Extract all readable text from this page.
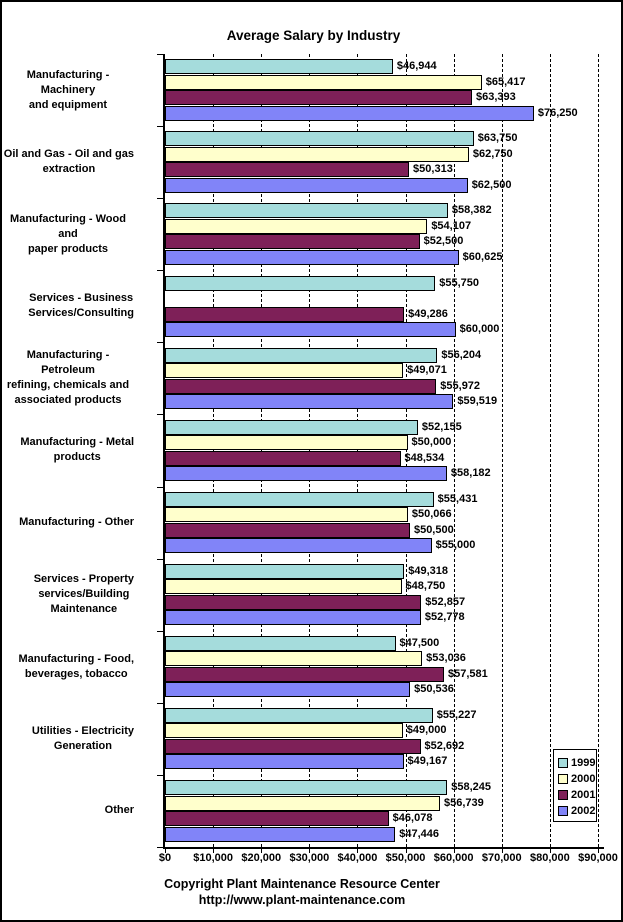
Average Salary by Industry
Manufacturing - Machinery
and equipment
Oil and Gas - Oil and gas
extraction
Manufacturing - Wood and
paper products
Services - Business
Services/Consulting
Manufacturing - Petroleum
refining, chemicals and
associated products
Manufacturing - Metal
products
Manufacturing - Other
Services - Property
services/Building
Maintenance
Manufacturing - Food,
beverages, tobacco
Utilities - Electricity
Generation
Other
$46,944
$65,417
$63,393
$76,250
$63,750
$62,750
$50,313
$62,500
$58,382
$54,107
$52,500
$60,625
$55,750
$49,286
$60,000
$56,204
$49,071
$55,972
$59,519
$52,155
$50,000
$48,534
$58,182
$55,431
$50,066
$50,500
$55,000
$49,318
$48,750
$52,857
$52,778
$47,500
$53,036
$57,581
$50,536
$55,227
$49,000
$52,692
$49,167
$58,245
$56,739
$46,078
$47,446
$0 $10,000 $20,000 $30,000 $40,000 $50,000 $60,000 $70,000 $80,000 $90,000
1999
2000
2001
2002
Copyright Plant Maintenance Resource Center
http://www.plant-maintenance.com
